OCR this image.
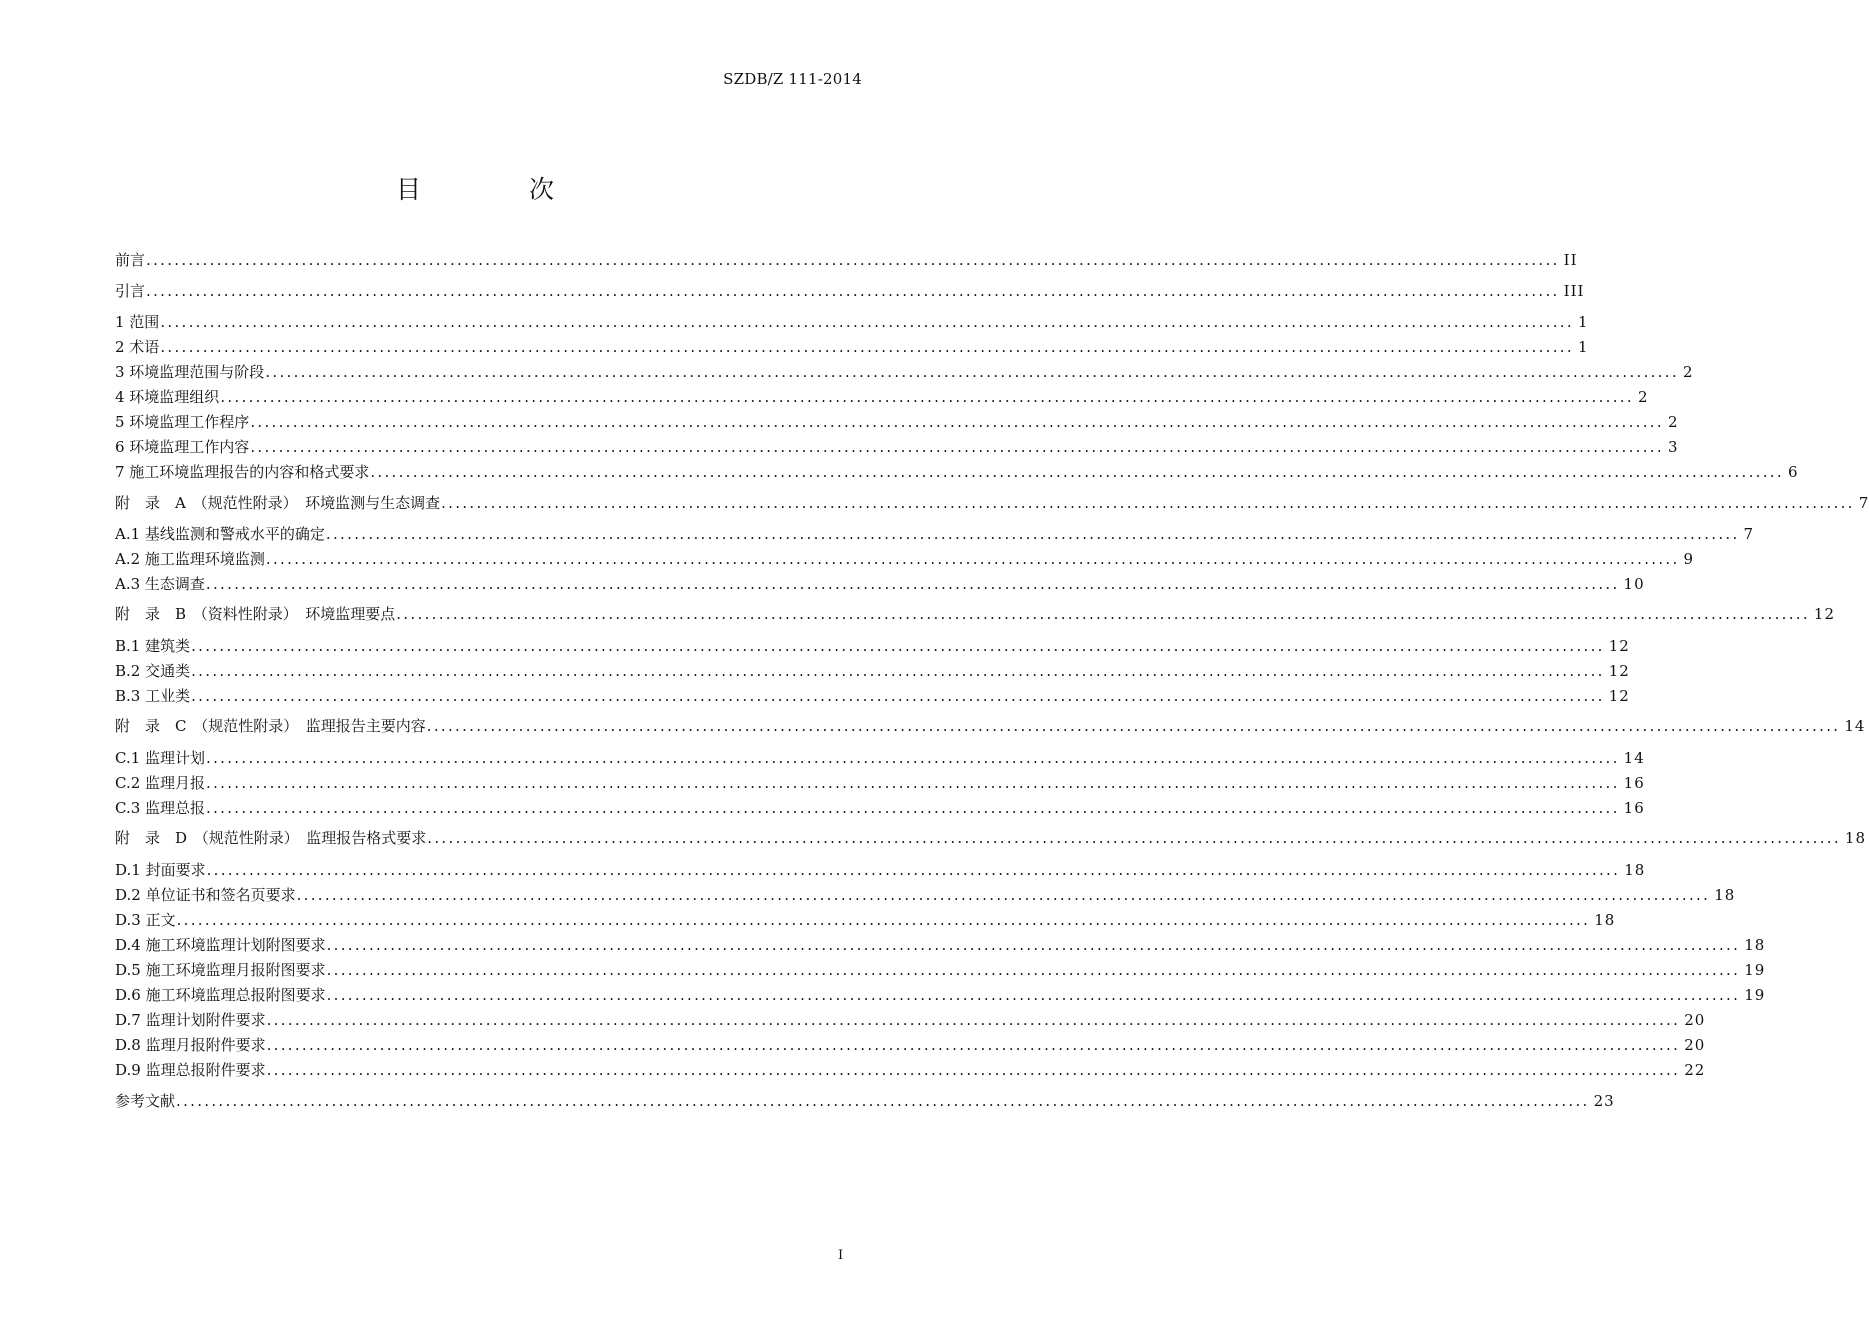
SZDB/Z 111-2014
目 次
前言 ........................................................................................................................................................................................................ II
引言 ........................................................................................................................................................................................................ III
1 范围 ........................................................................................................................................................................................................ 1
2 术语 ........................................................................................................................................................................................................ 1
3 环境监理范围与阶段 ........................................................................................................................................................................................................ 2
4 环境监理组织 ........................................................................................................................................................................................................ 2
5 环境监理工作程序 ........................................................................................................................................................................................................ 2
6 环境监理工作内容 ........................................................................................................................................................................................................ 3
7 施工环境监理报告的内容和格式要求 ........................................................................................................................................................................................................ 6
附　录　A （规范性附录）　环境监测与生态调查 ........................................................................................................................................................................................................ 7
A.1 基线监测和警戒水平的确定 ........................................................................................................................................................................................................ 7
A.2 施工监理环境监测 ........................................................................................................................................................................................................ 9
A.3 生态调查 ........................................................................................................................................................................................................ 10
附　录　B （资料性附录）　环境监理要点 ........................................................................................................................................................................................................ 12
B.1 建筑类 ........................................................................................................................................................................................................ 12
B.2 交通类 ........................................................................................................................................................................................................ 12
B.3 工业类 ........................................................................................................................................................................................................ 12
附　录　C （规范性附录）　监理报告主要内容 ........................................................................................................................................................................................................ 14
C.1 监理计划 ........................................................................................................................................................................................................ 14
C.2 监理月报 ........................................................................................................................................................................................................ 16
C.3 监理总报 ........................................................................................................................................................................................................ 16
附　录　D （规范性附录）　监理报告格式要求 ........................................................................................................................................................................................................ 18
D.1 封面要求 ........................................................................................................................................................................................................ 18
D.2 单位证书和签名页要求 ........................................................................................................................................................................................................ 18
D.3 正文 ........................................................................................................................................................................................................ 18
D.4 施工环境监理计划附图要求 ........................................................................................................................................................................................................ 18
D.5 施工环境监理月报附图要求 ........................................................................................................................................................................................................ 19
D.6 施工环境监理总报附图要求 ........................................................................................................................................................................................................ 19
D.7 监理计划附件要求 ........................................................................................................................................................................................................ 20
D.8 监理月报附件要求 ........................................................................................................................................................................................................ 20
D.9 监理总报附件要求 ........................................................................................................................................................................................................ 22
参考文献 ........................................................................................................................................................................................................ 23
I
